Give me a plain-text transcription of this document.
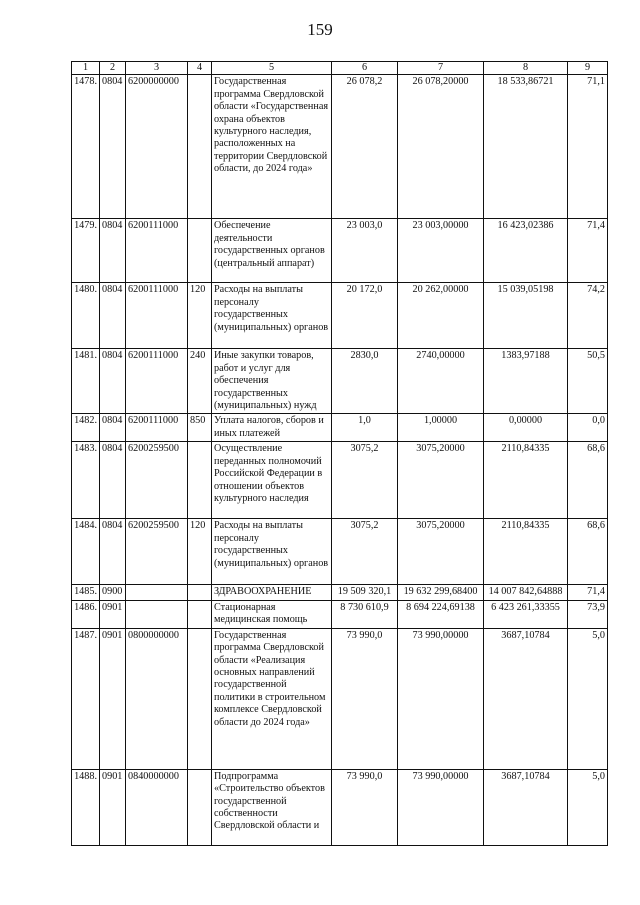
159
1	2	3	4	5	6	7	8	9
1478.	0804	6200000000		Государственная программа Свердловской области «Государственная охрана объектов культурного наследия, расположенных на территории Свердловской области, до 2024 года»	26 078,2	26 078,20000	18 533,86721	71,1
1479.	0804	6200111000		Обеспечение деятельности государственных органов (центральный аппарат)	23 003,0	23 003,00000	16 423,02386	71,4
1480.	0804	6200111000	120	Расходы на выплаты персоналу государственных (муниципальных) органов	20 172,0	20 262,00000	15 039,05198	74,2
1481.	0804	6200111000	240	Иные закупки товаров, работ и услуг для обеспечения государственных (муниципальных) нужд	2830,0	2740,00000	1383,97188	50,5
1482.	0804	6200111000	850	Уплата налогов, сборов и иных платежей	1,0	1,00000	0,00000	0,0
1483.	0804	6200259500		Осуществление переданных полномочий Российской Федерации в отношении объектов культурного наследия	3075,2	3075,20000	2110,84335	68,6
1484.	0804	6200259500	120	Расходы на выплаты персоналу государственных (муниципальных) органов	3075,2	3075,20000	2110,84335	68,6
1485.	0900			ЗДРАВООХРАНЕНИЕ	19 509 320,1	19 632 299,68400	14 007 842,64888	71,4
1486.	0901			Стационарная медицинская помощь	8 730 610,9	8 694 224,69138	6 423 261,33355	73,9
1487.	0901	0800000000		Государственная программа Свердловской области «Реализация основных направлений государственной политики в строительном комплексе Свердловской области до 2024 года»	73 990,0	73 990,00000	3687,10784	5,0
1488.	0901	0840000000		Подпрограмма «Строительство объектов государственной собственности Свердловской области и	73 990,0	73 990,00000	3687,10784	5,0
